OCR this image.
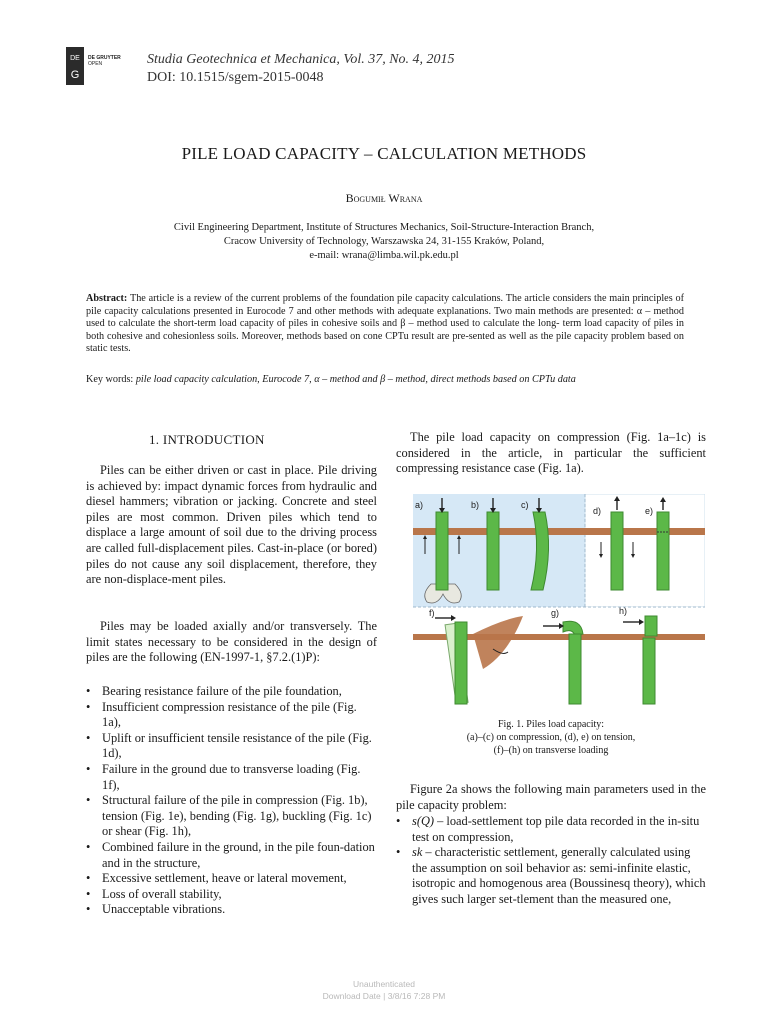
DE
G
DE GRUYTER
OPEN	Studia Geotechnica et Mechanica, Vol. 37, No. 4, 2015
DOI: 10.1515/sgem-2015-0048
PILE LOAD CAPACITY – CALCULATION METHODS
Bogumił Wrana
Civil Engineering Department, Institute of Structures Mechanics, Soil-Structure-Interaction Branch,
Cracow University of Technology, Warszawska 24, 31-155 Kraków, Poland,
e-mail: wrana@limba.wil.pk.edu.pl
Abstract: The article is a review of the current problems of the foundation pile capacity calculations. The article considers the main principles of pile capacity calculations presented in Eurocode 7 and other methods with adequate explanations. Two main methods are presented: α – method used to calculate the short-term load capacity of piles in cohesive soils and β – method used to calculate the long- term load capacity of piles in both cohesive and cohesionless soils. Moreover, methods based on cone CPTu result are pre-sented as well as the pile capacity problem based on static tests.
Key words: pile load capacity calculation, Eurocode 7, α – method and β – method, direct methods based on CPTu data
1. INTRODUCTION
Piles can be either driven or cast in place. Pile driving is achieved by: impact dynamic forces from hydraulic and diesel hammers; vibration or jacking. Concrete and steel piles are most common. Driven piles which tend to displace a large amount of soil due to the driving process are called full-displacement piles. Cast-in-place (or bored) piles do not cause any soil displacement, therefore, they are non-displace-ment piles.
Piles may be loaded axially and/or transversely. The limit states necessary to be considered in the design of piles are the following (EN-1997-1, §7.2.(1)P):
• Bearing resistance failure of the pile foundation,
• Insufficient compression resistance of the pile (Fig. 1a),
• Uplift or insufficient tensile resistance of the pile (Fig. 1d),
• Failure in the ground due to transverse loading (Fig. 1f),
• Structural failure of the pile in compression (Fig. 1b), tension (Fig. 1e), bending (Fig. 1g), buckling (Fig. 1c) or shear (Fig. 1h),
• Combined failure in the ground, in the pile foun-dation and in the structure,
• Excessive settlement, heave or lateral movement,
• Loss of overall stability,
• Unacceptable vibrations.
The pile load capacity on compression (Fig. 1a–1c) is considered in the article, in particular the sufficient compressing resistance case (Fig. 1a).
a)	b)	c)
d)	e)
f)	g)	h)
Fig. 1. Piles load capacity:
(a)–(c) on compression, (d), e) on tension,
(f)–(h) on transverse loading
Figure 2a shows the following main parameters used in the pile capacity problem:
• s(Q) – load-settlement top pile data recorded in the in-situ test on compression,
• sk – characteristic settlement, generally calculated using the assumption on soil behavior as: semi-infinite elastic, isotropic and homogenous area (Boussinesq theory), which gives such larger set-tlement than the measured one,
Unauthenticated
Download Date | 3/8/16 7:28 PM
